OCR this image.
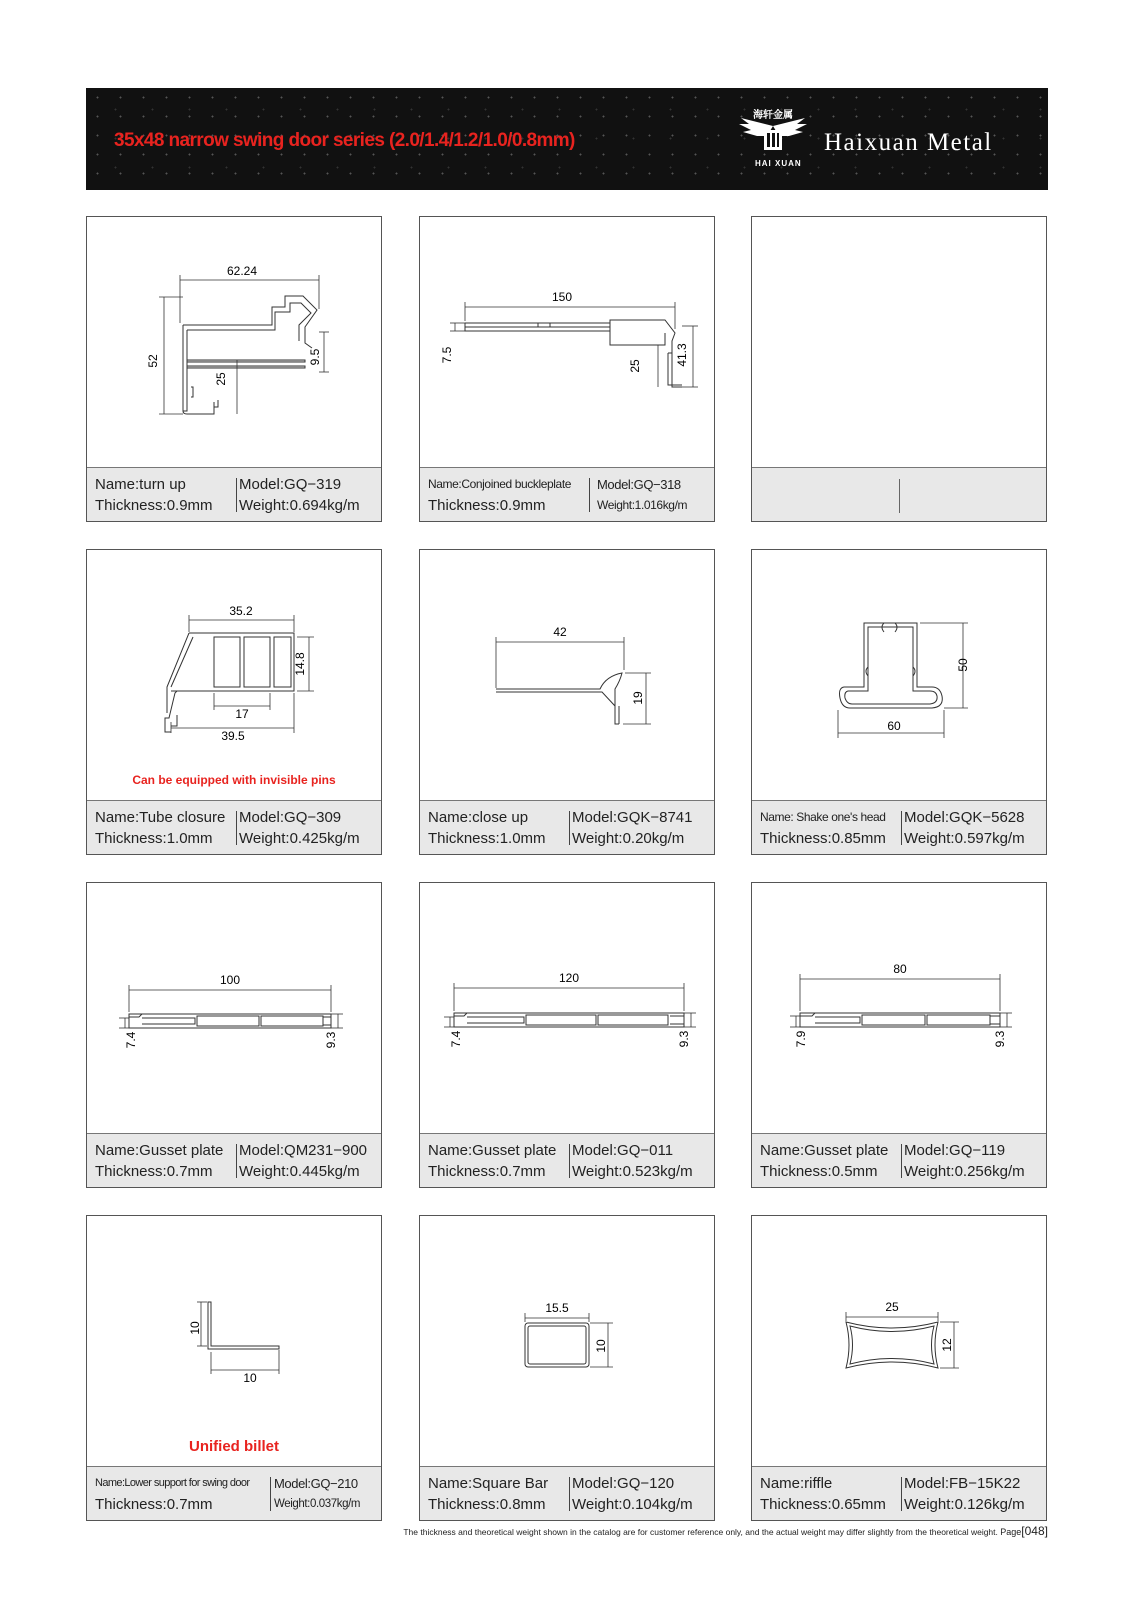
35x48 narrow swing door series (2.0/1.4/1.2/1.0/0.8mm)
海轩金属
HAI XUAN
Haixuan Metal
62.24
52	9.5
25
Name:turn up
Thickness:0.9mm
Model:GQ−319
Weight:0.694kg/m
150
7.5
25	41.3
Name:Conjoined buckleplate
Thickness:0.9mm
Model:GQ−318
Weight:1.016kg/m
35.2
14.8
17
39.5
Can be equipped with invisible pins
Name:Tube closure
Thickness:1.0mm
Model:GQ−309
Weight:0.425kg/m
42
19
Name:close up
Thickness:1.0mm
Model:GQK−8741
Weight:0.20kg/m
50
60
Name: Shake one's head
Thickness:0.85mm
Model:GQK−5628
Weight:0.597kg/m
100
7.4	9.3
Name:Gusset plate
Thickness:0.7mm
Model:QM231−900
Weight:0.445kg/m
120
7.4	9.3
Name:Gusset plate
Thickness:0.7mm
Model:GQ−011
Weight:0.523kg/m
80
7.9	9.3
Name:Gusset plate
Thickness:0.5mm
Model:GQ−119
Weight:0.256kg/m
10
10
Unified billet
Name:Lower support for swing door
Thickness:0.7mm
Model:GQ−210
Weight:0.037kg/m
15.5
10
Name:Square Bar
Thickness:0.8mm
Model:GQ−120
Weight:0.104kg/m
25
12
Name:riffle
Thickness:0.65mm
Model:FB−15K22
Weight:0.126kg/m
The thickness and theoretical weight shown in the catalog are for customer reference only, and the actual weight may differ slightly from the theoretical weight. Page[048]
